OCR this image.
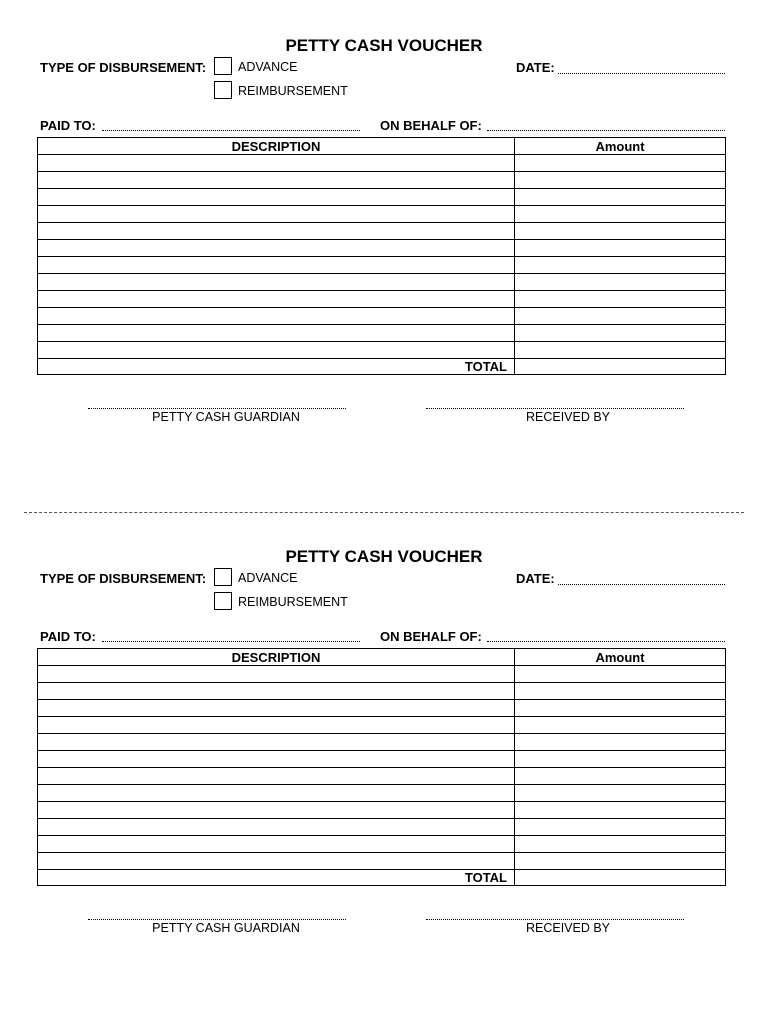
PETTY CASH VOUCHER
TYPE OF DISBURSEMENT:	ADVANCE
REIMBURSEMENT
DATE:
PAID TO:	ON BEHALF OF:
DESCRIPTION	Amount
TOTAL
PETTY CASH GUARDIAN	RECEIVED BY
PETTY CASH VOUCHER
TYPE OF DISBURSEMENT:	ADVANCE
REIMBURSEMENT
DATE:
PAID TO:	ON BEHALF OF:
DESCRIPTION	Amount
TOTAL
PETTY CASH GUARDIAN	RECEIVED BY
